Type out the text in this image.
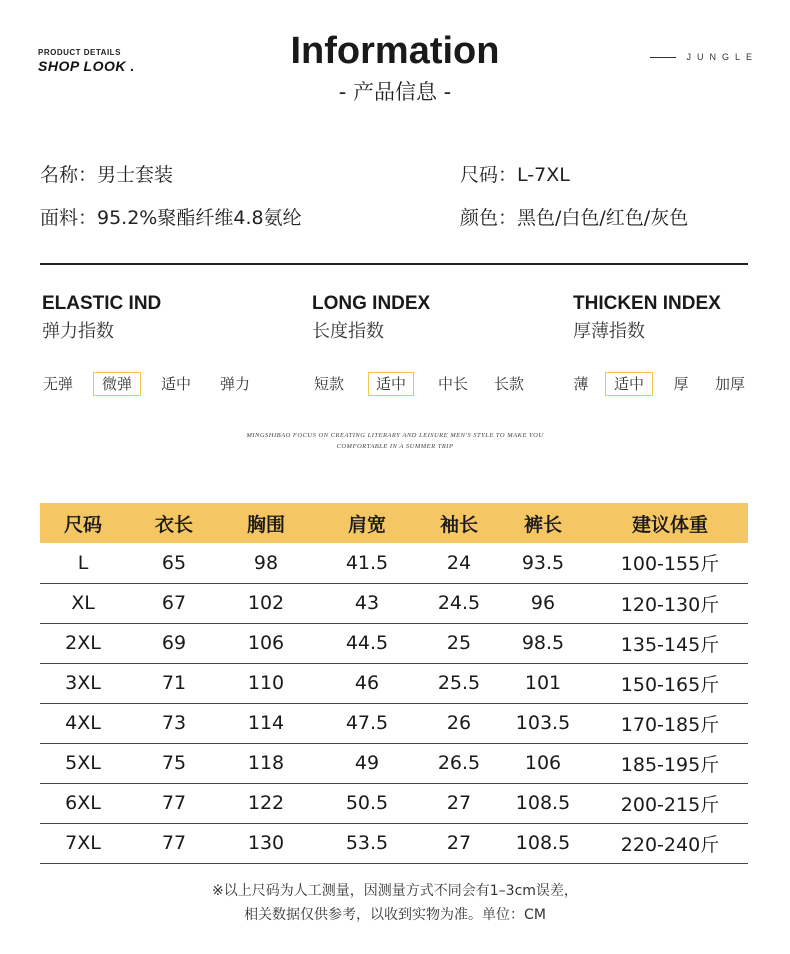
PRODUCT DETAILS
SHOP LOOK .	Information
- 产品信息 -
JUNGLE
名称：男士套装	尺码：L-7XL
面料：95.2%聚酯纤维4.8氨纶	颜色：黑色/白色/红色/灰色
ELASTIC IND
弹力指数
无弹	微弹	适中	弹力
LONG INDEX
长度指数
短款	适中	中长	长款
THICKEN INDEX
厚薄指数
薄	适中	厚	加厚
MINGSHIBAO FOCUS ON CREATING LITERARY AND LEISURE MEN'S STYLE TO MAKE YOU
COMFORTABLE IN A SUMMER TRIP
尺码	衣长	胸围	肩宽	袖长	裤长	建议体重
L	65	98	41.5	24	93.5	100-155斤
XL	67	102	43	24.5	96	120-130斤
2XL	69	106	44.5	25	98.5	135-145斤
3XL	71	110	46	25.5	101	150-165斤
4XL	73	114	47.5	26	103.5	170-185斤
5XL	75	118	49	26.5	106	185-195斤
6XL	77	122	50.5	27	108.5	200-215斤
7XL	77	130	53.5	27	108.5	220-240斤
※以上尺码为人工测量，因测量方式不同会有1–3cm误差，
相关数据仅供参考，以收到实物为准。单位：CM
